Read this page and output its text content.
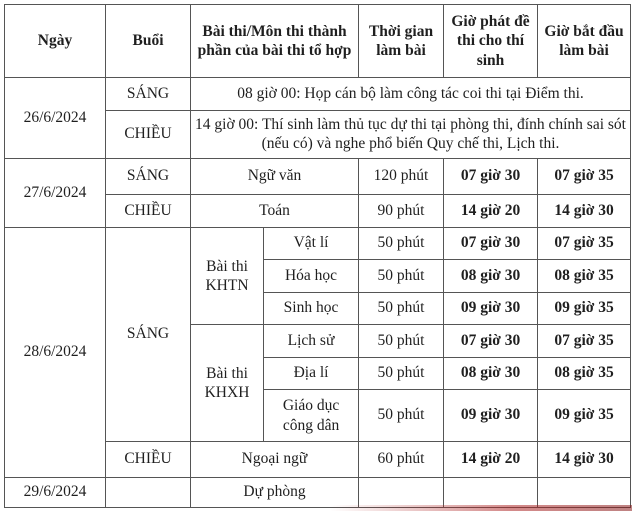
Ngày	Buổi	Bài thi/Môn thi thành phần của bài thi tổ hợp		Thời gian làm bài	Giờ phát đề thi cho thí sinh	Giờ bắt đầu làm bài
26/6/2024	SÁNG	08 giờ 00: Họp cán bộ làm công tác coi thi tại Điểm thi.				
	CHIỀU	14 giờ 00: Thí sinh làm thủ tục dự thi tại phòng thi, đính chính sai sót (nếu có) và nghe phổ biến Quy chế thi, Lịch thi.				
27/6/2024	SÁNG	Ngữ văn		120 phút	07 giờ 30	07 giờ 35
	CHIỀU	Toán		90 phút	14 giờ 20	14 giờ 30
28/6/2024	SÁNG	Bài thi KHTN	Vật lí	50 phút	07 giờ 30	07 giờ 35
			Hóa học	50 phút	08 giờ 30	08 giờ 35
			Sinh học	50 phút	09 giờ 30	09 giờ 35
		Bài thi KHXH	Lịch sử	50 phút	07 giờ 30	07 giờ 35
			Địa lí	50 phút	08 giờ 30	08 giờ 35
			Giáo dục công dân	50 phút	09 giờ 30	09 giờ 35
	CHIỀU	Ngoại ngữ		60 phút	14 giờ 20	14 giờ 30
29/6/2024		Dự phòng				
